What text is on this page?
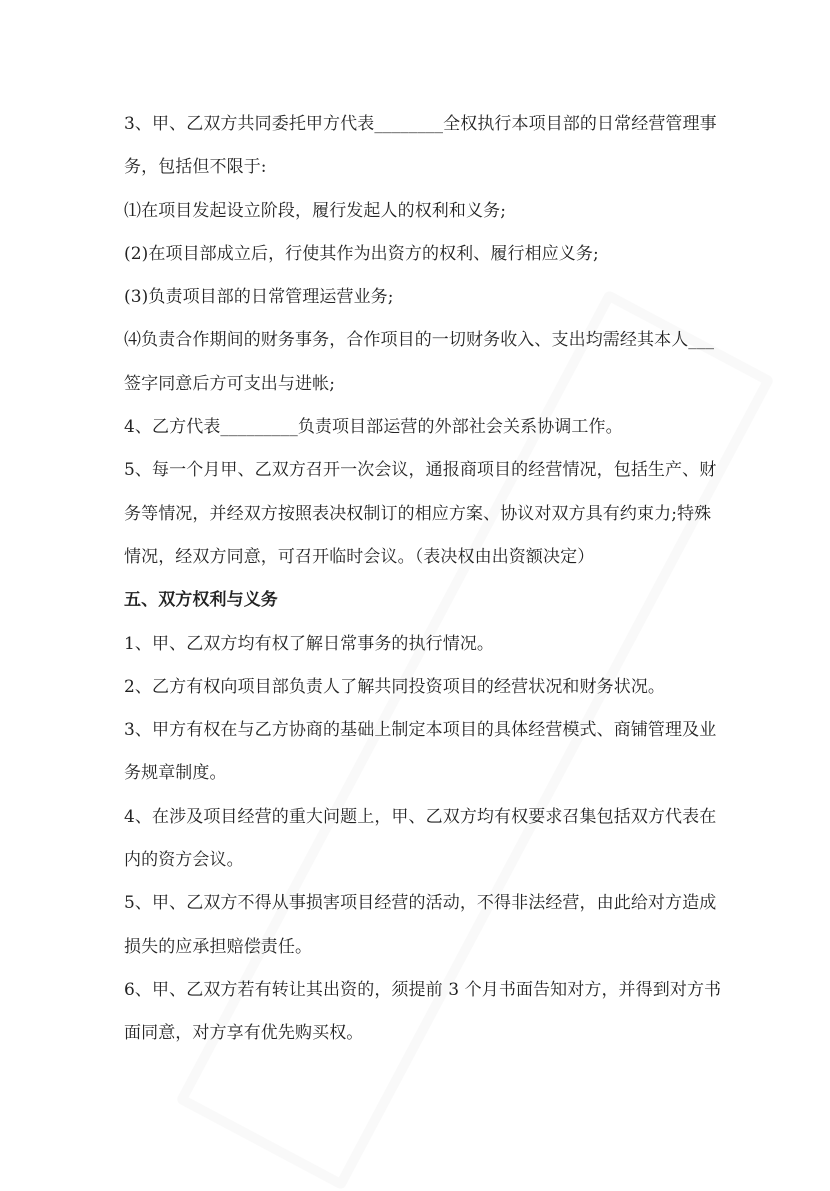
3、甲、乙双方共同委托甲方代表________全权执行本项目部的日常经营管理事
务，包括但不限于:
⑴在项目发起设立阶段，履行发起人的权利和义务;
(2)在项目部成立后，行使其作为出资方的权利、履行相应义务;
(3)负责项目部的日常管理运营业务;
⑷负责合作期间的财务事务，合作项目的一切财务收入、支出均需经其本人___
签字同意后方可支出与进帐;
4、乙方代表_________负责项目部运营的外部社会关系协调工作。
5、每一个月甲、乙双方召开一次会议，通报商项目的经营情况，包括生产、财
务等情况，并经双方按照表决权制订的相应方案、协议对双方具有约束力;特殊
情况，经双方同意，可召开临时会议。（表决权由出资额决定）
五、双方权利与义务
1、甲、乙双方均有权了解日常事务的执行情况。
2、乙方有权向项目部负责人了解共同投资项目的经营状况和财务状况。
3、甲方有权在与乙方协商的基础上制定本项目的具体经营模式、商铺管理及业
务规章制度。
4、在涉及项目经营的重大问题上，甲、乙双方均有权要求召集包括双方代表在
内的资方会议。
5、甲、乙双方不得从事损害项目经营的活动，不得非法经营，由此给对方造成
损失的应承担赔偿责任。
6、甲、乙双方若有转让其出资的，须提前 3 个月书面告知对方，并得到对方书
面同意，对方享有优先购买权。
